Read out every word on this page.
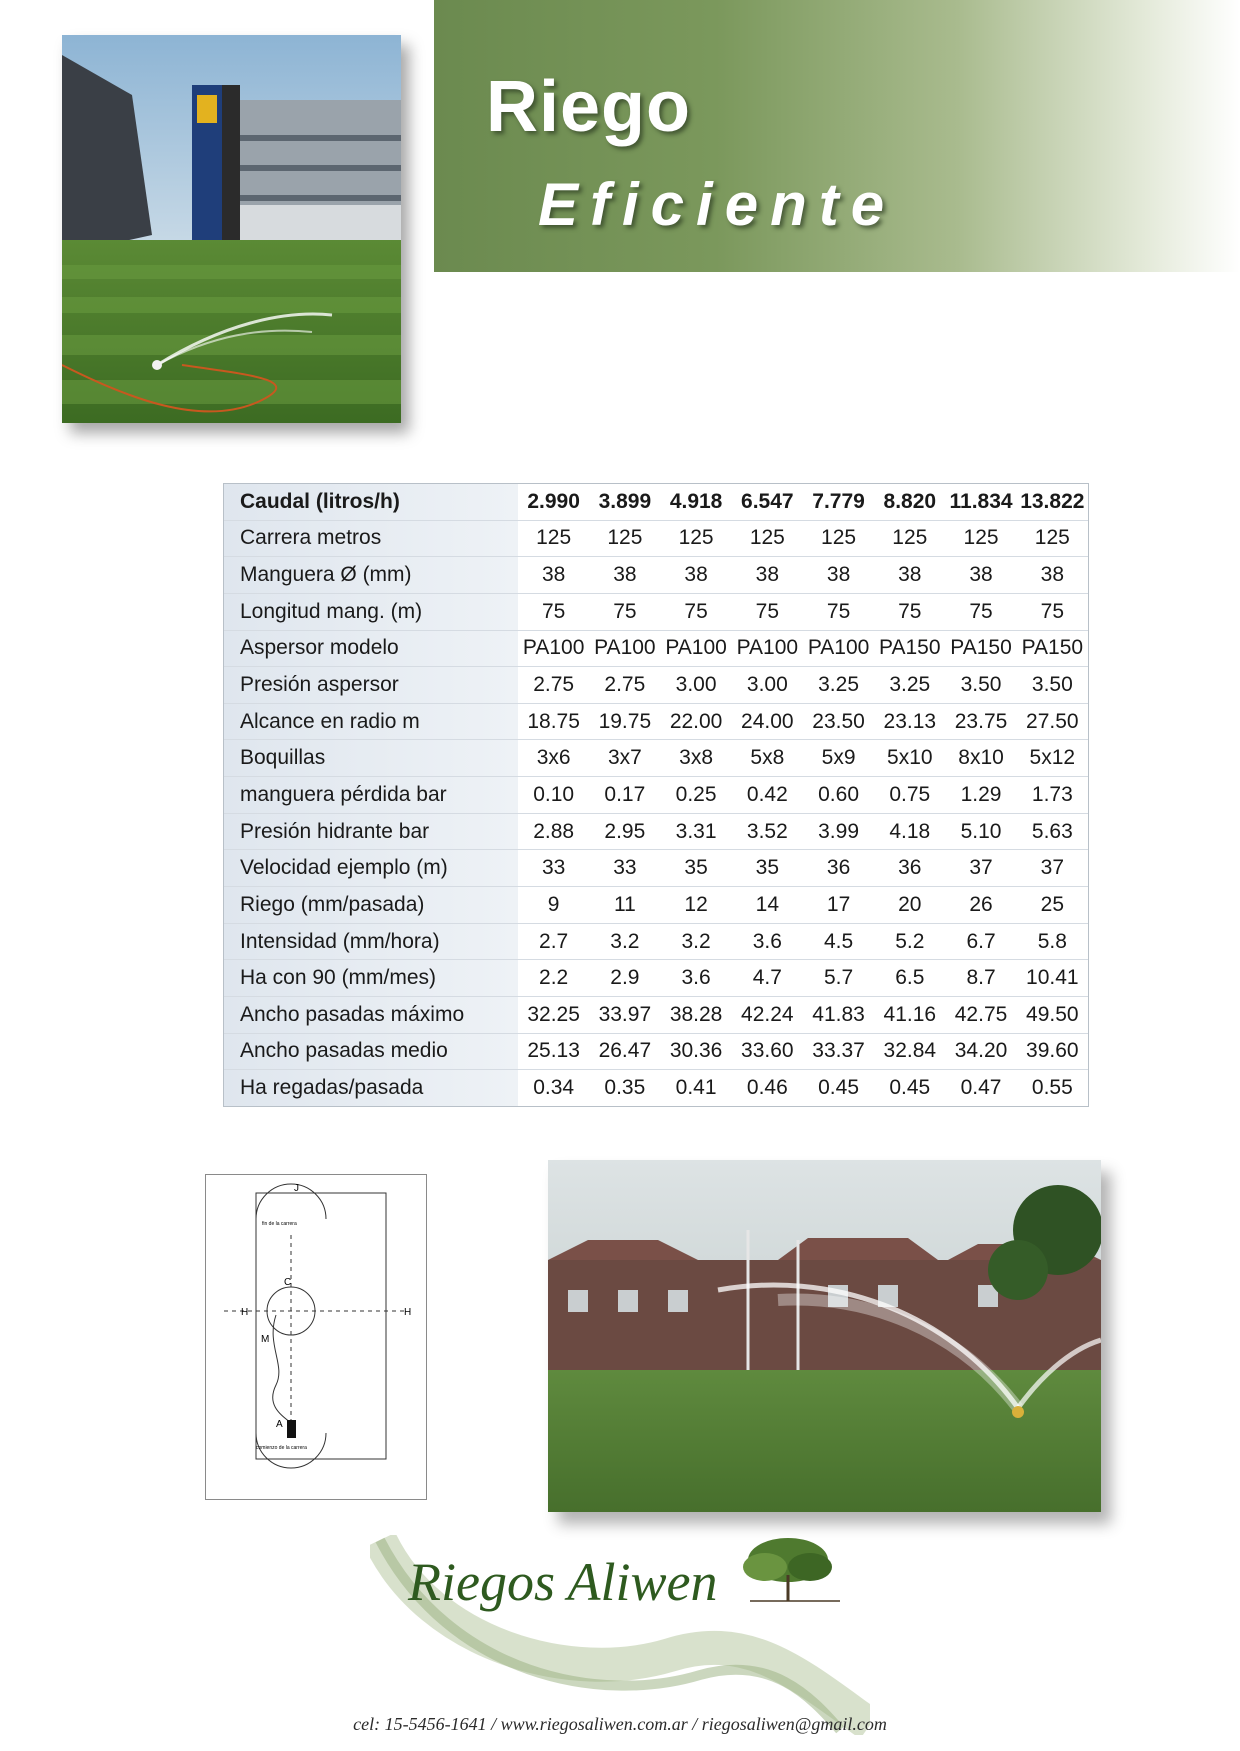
Riego
Eficiente
Caudal (litros/h)	2.990	3.899	4.918	6.547	7.779	8.820	11.834	13.822
Carrera metros	125	125	125	125	125	125	125	125
Manguera Ø (mm)	38	38	38	38	38	38	38	38
Longitud mang. (m)	75	75	75	75	75	75	75	75
Aspersor modelo	PA100	PA100	PA100	PA100	PA100	PA150	PA150	PA150
Presión aspersor	2.75	2.75	3.00	3.00	3.25	3.25	3.50	3.50
Alcance en radio m	18.75	19.75	22.00	24.00	23.50	23.13	23.75	27.50
Boquillas	3x6	3x7	3x8	5x8	5x9	5x10	8x10	5x12
manguera pérdida bar	0.10	0.17	0.25	0.42	0.60	0.75	1.29	1.73
Presión hidrante bar	2.88	2.95	3.31	3.52	3.99	4.18	5.10	5.63
Velocidad ejemplo (m)	33	33	35	35	36	36	37	37
Riego (mm/pasada)	9	11	12	14	17	20	26	25
Intensidad (mm/hora)	2.7	3.2	3.2	3.6	4.5	5.2	6.7	5.8
Ha con 90 (mm/mes)	2.2	2.9	3.6	4.7	5.7	6.5	8.7	10.41
Ancho pasadas máximo	32.25	33.97	38.28	42.24	41.83	41.16	42.75	49.50
Ancho pasadas medio	25.13	26.47	30.36	33.60	33.37	32.84	34.20	39.60
Ha regadas/pasada	0.34	0.35	0.41	0.46	0.45	0.45	0.47	0.55
J
fin de la carrera
C
H	H
M
A
comienzo de la carrera
Riegos Aliwen
cel: 15-5456-1641 / www.riegosaliwen.com.ar / riegosaliwen@gmail.com
